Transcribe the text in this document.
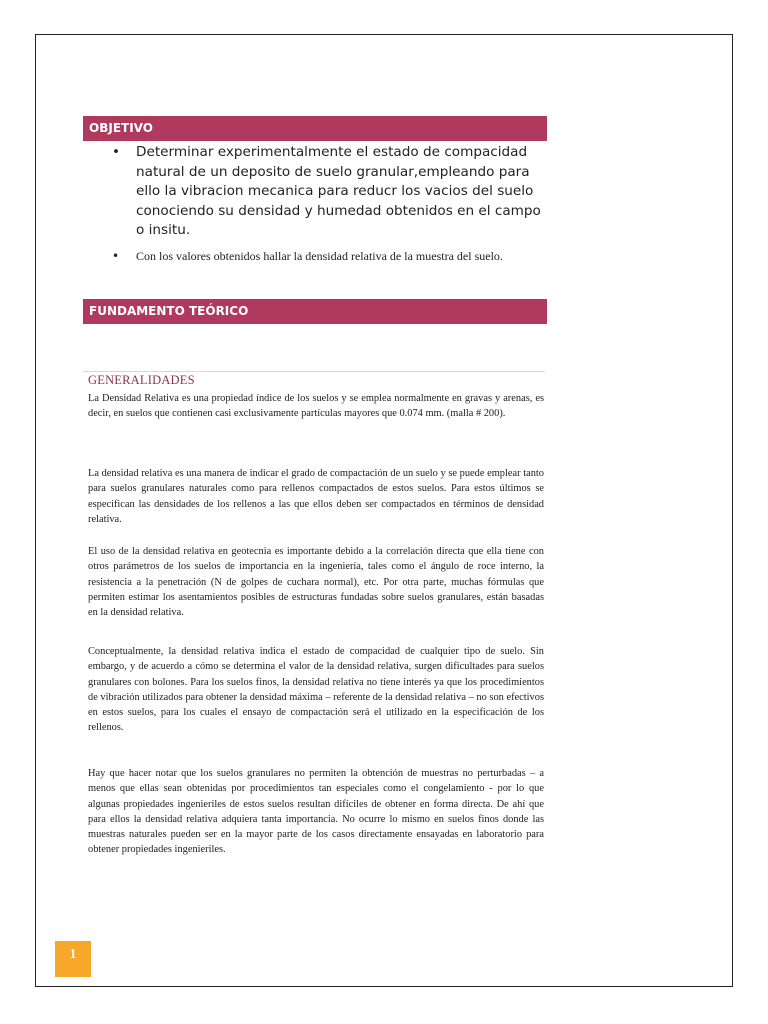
OBJETIVO
• Determinar experimentalmente el estado de compacidad natural de un deposito de suelo granular,empleando para ello la vibracion mecanica para reducr los vacios del suelo conociendo su densidad y humedad obtenidos en el campo o insitu.
• Con los valores obtenidos hallar la densidad relativa de la muestra del suelo.
FUNDAMENTO TEÓRICO
GENERALIDADES

La Densidad Relativa es una propiedad índice de los suelos y se emplea normalmente en gravas y arenas, es decir, en suelos que contienen casi exclusivamente partículas mayores que 0.074 mm. (malla # 200).

La densidad relativa es una manera de indicar el grado de compactación de un suelo y se puede emplear tanto para suelos granulares naturales como para rellenos compactados de estos suelos. Para estos últimos se especifican las densidades de los rellenos a las que ellos deben ser compactados en términos de densidad relativa.

El uso de la densidad relativa en geotecnia es importante debido a la correlación directa que ella tiene con otros parámetros de los suelos de importancia en la ingeniería, tales como el ángulo de roce interno, la resistencia a la penetración (N de golpes de cuchara normal), etc. Por otra parte, muchas fórmulas que permiten estimar los asentamientos posibles de estructuras fundadas sobre suelos granulares, están basadas en la densidad relativa.

Conceptualmente, la densidad relativa indica el estado de compacidad de cualquier tipo de suelo. Sin embargo, y de acuerdo a cómo se determina el valor de la densidad relativa, surgen dificultades para suelos granulares con bolones. Para los suelos finos, la densidad relativa no tiene interés ya que los procedimientos de vibración utilizados para obtener la densidad máxima – referente de la densidad relativa – no son efectivos en estos suelos, para los cuales el ensayo de compactación será el utilizado en la especificación de los rellenos.

Hay que hacer notar que los suelos granulares no permiten la obtención de muestras no perturbadas – a menos que ellas sean obtenidas por procedimientos tan especiales como el congelamiento - por lo que algunas propiedades ingenieriles de estos suelos resultan difíciles de obtener en forma directa. De ahí que para ellos la densidad relativa adquiera tanta importancia. No ocurre lo mismo en suelos finos donde las muestras naturales pueden ser en la mayor parte de los casos directamente ensayadas en laboratorio para obtener propiedades ingenieriles.

1
